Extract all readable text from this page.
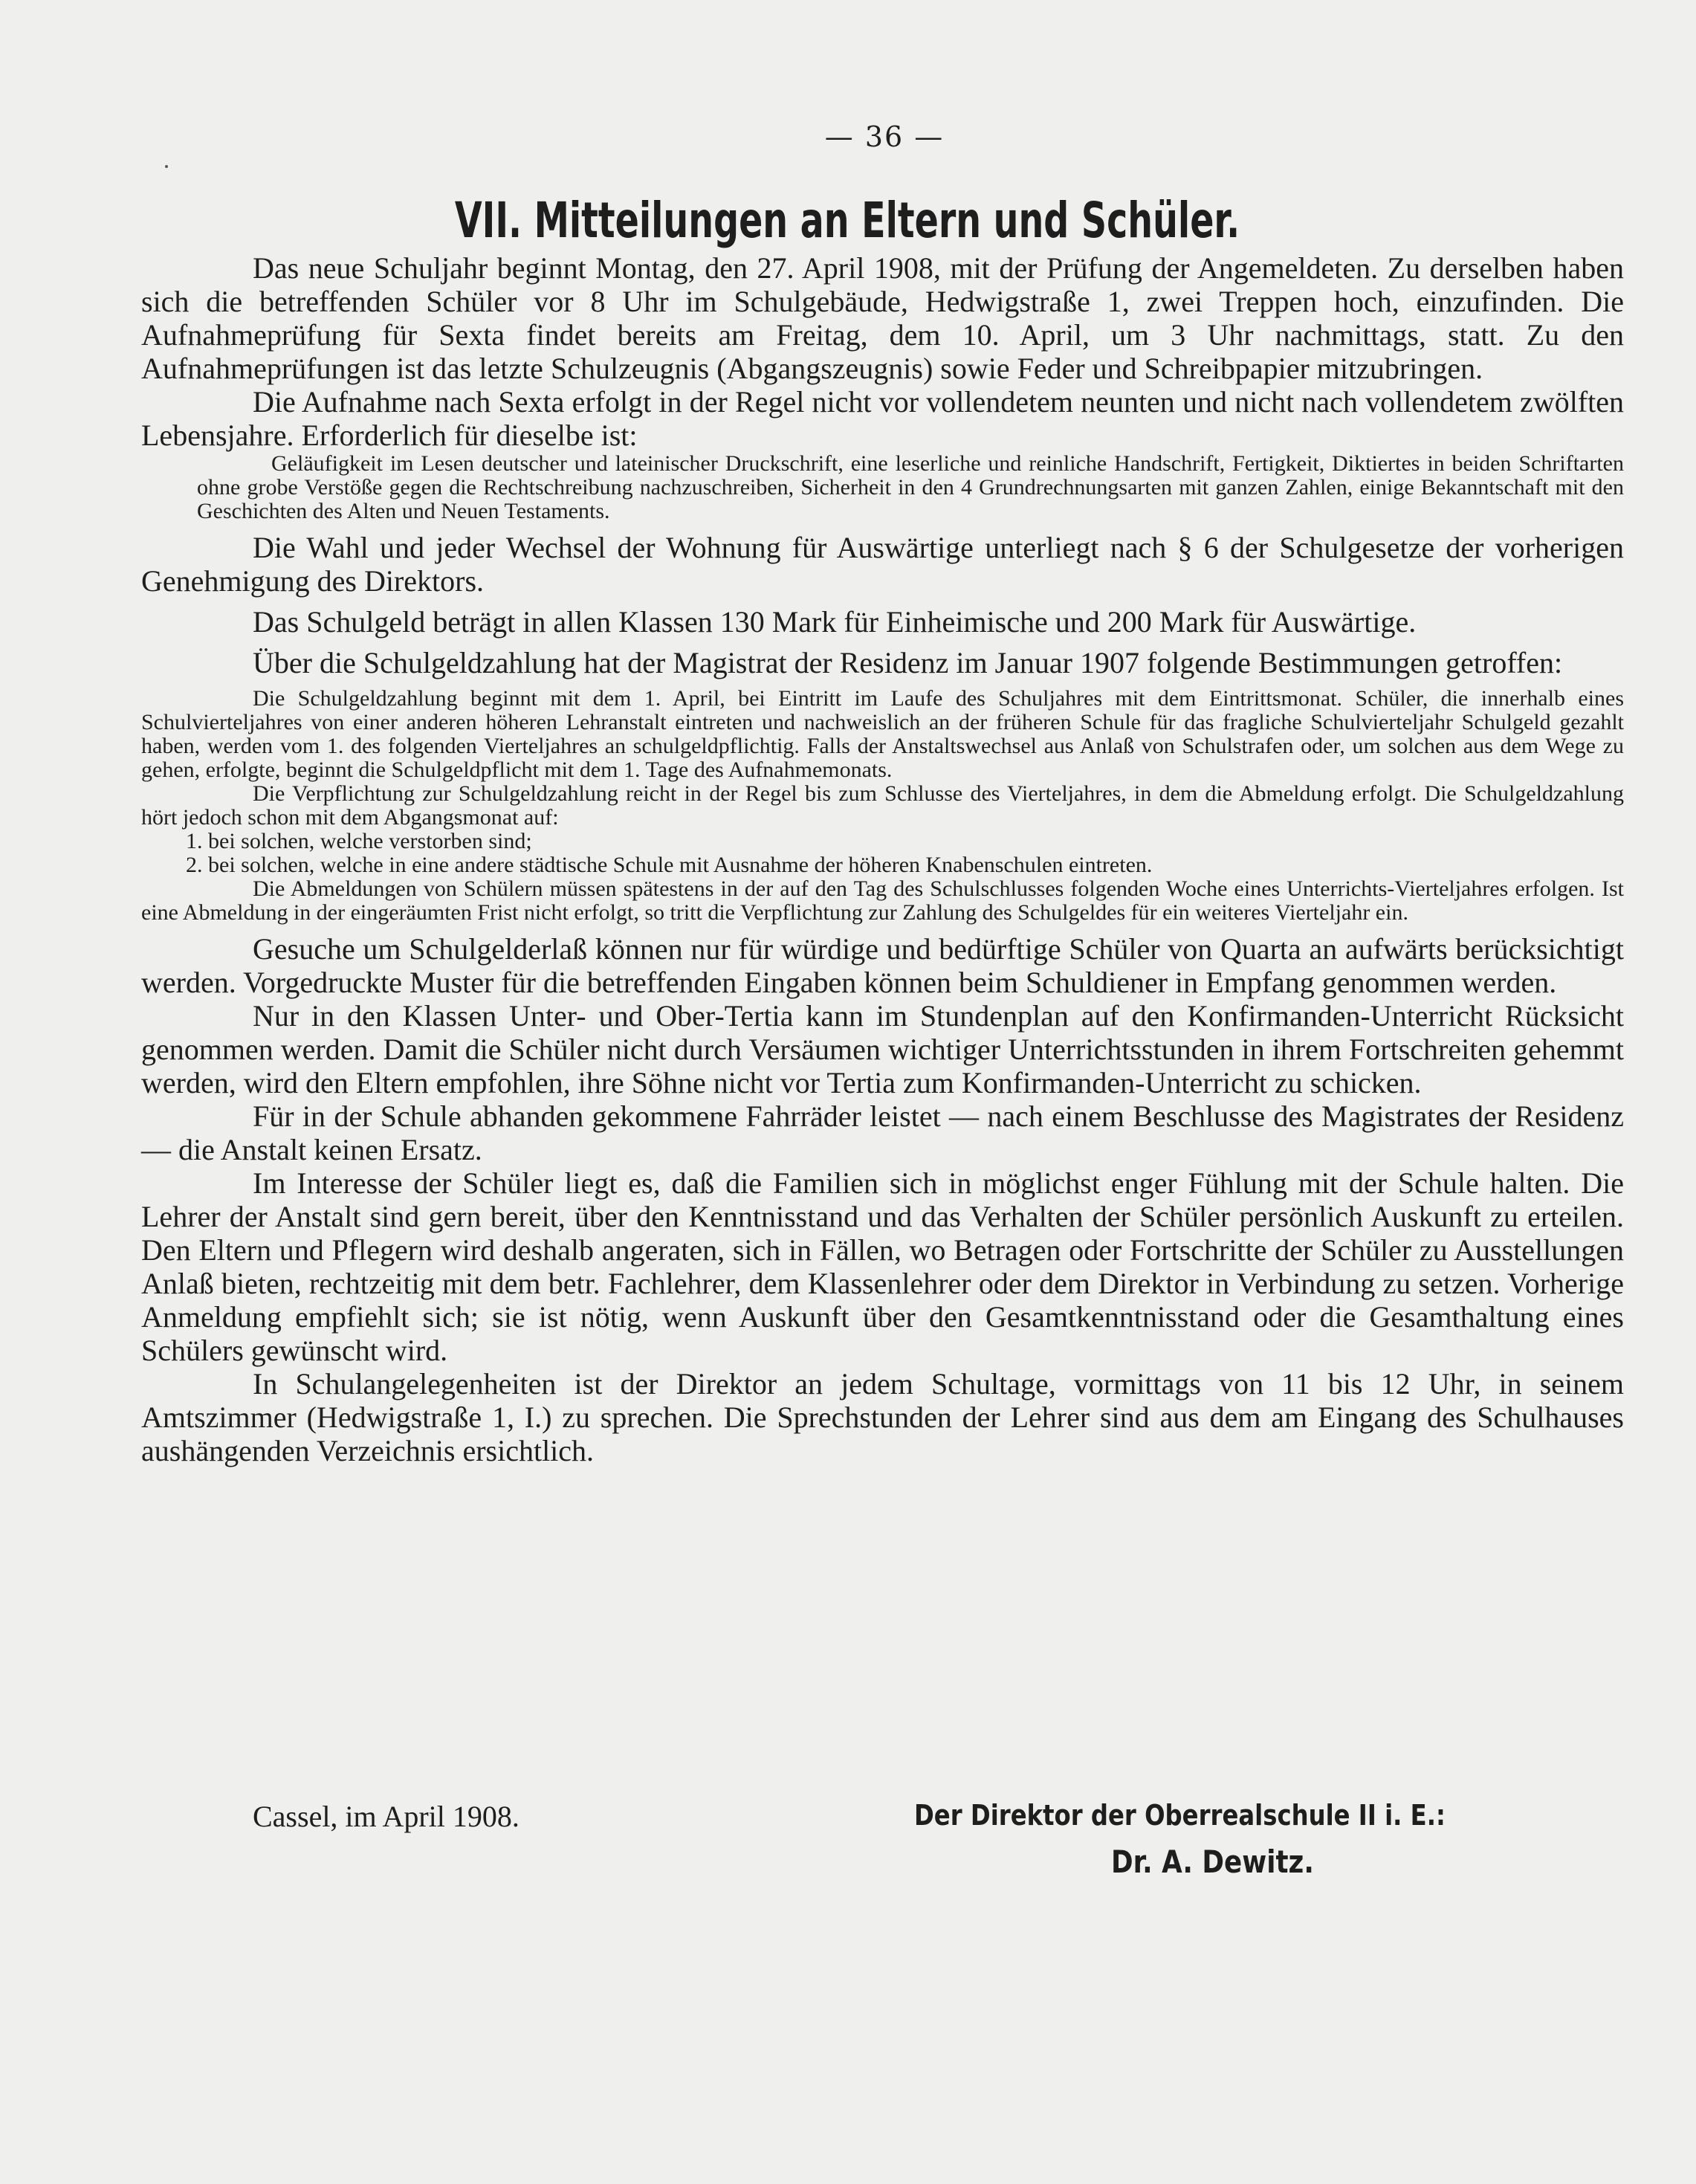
— 36 —
VII. Mitteilungen an Eltern und Schüler.

Das neue Schuljahr beginnt Montag, den 27. April 1908, mit der Prüfung der Angemeldeten. Zu derselben haben sich die betreffenden Schüler vor 8 Uhr im Schulgebäude, Hedwigstraße 1, zwei Treppen hoch, einzufinden. Die Aufnahmeprüfung für Sexta findet bereits am Freitag, dem 10. April, um 3 Uhr nachmittags, statt. Zu den Aufnahmeprüfungen ist das letzte Schulzeugnis (Abgangszeugnis) sowie Feder und Schreibpapier mitzubringen.

Die Aufnahme nach Sexta erfolgt in der Regel nicht vor vollendetem neunten und nicht nach vollendetem zwölften Lebensjahre. Erforderlich für dieselbe ist:

Geläufigkeit im Lesen deutscher und lateinischer Druckschrift, eine leserliche und reinliche Handschrift, Fertigkeit, Diktiertes in beiden Schriftarten ohne grobe Verstöße gegen die Rechtschreibung nachzuschreiben, Sicherheit in den 4 Grundrechnungsarten mit ganzen Zahlen, einige Bekanntschaft mit den Geschichten des Alten und Neuen Testaments.

Die Wahl und jeder Wechsel der Wohnung für Auswärtige unterliegt nach § 6 der Schulgesetze der vorherigen Genehmigung des Direktors.

Das Schulgeld beträgt in allen Klassen 130 Mark für Einheimische und 200 Mark für Auswärtige.

Über die Schulgeldzahlung hat der Magistrat der Residenz im Januar 1907 folgende Bestimmungen getroffen:

Die Schulgeldzahlung beginnt mit dem 1. April, bei Eintritt im Laufe des Schuljahres mit dem Eintrittsmonat. Schüler, die innerhalb eines Schulvierteljahres von einer anderen höheren Lehranstalt eintreten und nachweislich an der früheren Schule für das fragliche Schulvierteljahr Schulgeld gezahlt haben, werden vom 1. des folgenden Vierteljahres an schulgeldpflichtig. Falls der Anstaltswechsel aus Anlaß von Schulstrafen oder, um solchen aus dem Wege zu gehen, erfolgte, beginnt die Schulgeldpflicht mit dem 1. Tage des Aufnahmemonats.

Die Verpflichtung zur Schulgeldzahlung reicht in der Regel bis zum Schlusse des Vierteljahres, in dem die Abmeldung erfolgt. Die Schulgeldzahlung hört jedoch schon mit dem Abgangsmonat auf:

1. bei solchen, welche verstorben sind;

2. bei solchen, welche in eine andere städtische Schule mit Ausnahme der höheren Knabenschulen eintreten.

Die Abmeldungen von Schülern müssen spätestens in der auf den Tag des Schulschlusses folgenden Woche eines Unterrichts-Vierteljahres erfolgen. Ist eine Abmeldung in der eingeräumten Frist nicht erfolgt, so tritt die Verpflichtung zur Zahlung des Schulgeldes für ein weiteres Vierteljahr ein.

Gesuche um Schulgelderlaß können nur für würdige und bedürftige Schüler von Quarta an aufwärts berücksichtigt werden. Vorgedruckte Muster für die betreffenden Eingaben können beim Schuldiener in Empfang genommen werden.

Nur in den Klassen Unter- und Ober-Tertia kann im Stundenplan auf den Konfirmanden-Unterricht Rücksicht genommen werden. Damit die Schüler nicht durch Versäumen wichtiger Unterrichtsstunden in ihrem Fortschreiten gehemmt werden, wird den Eltern empfohlen, ihre Söhne nicht vor Tertia zum Konfirmanden-Unterricht zu schicken.

Für in der Schule abhanden gekommene Fahrräder leistet — nach einem Beschlusse des Magistrates der Residenz — die Anstalt keinen Ersatz.

Im Interesse der Schüler liegt es, daß die Familien sich in möglichst enger Fühlung mit der Schule halten. Die Lehrer der Anstalt sind gern bereit, über den Kenntnisstand und das Verhalten der Schüler persönlich Auskunft zu erteilen. Den Eltern und Pflegern wird deshalb angeraten, sich in Fällen, wo Betragen oder Fortschritte der Schüler zu Ausstellungen Anlaß bieten, rechtzeitig mit dem betr. Fachlehrer, dem Klassenlehrer oder dem Direktor in Verbindung zu setzen. Vorherige Anmeldung empfiehlt sich; sie ist nötig, wenn Auskunft über den Gesamtkenntnisstand oder die Gesamthaltung eines Schülers gewünscht wird.

In Schulangelegenheiten ist der Direktor an jedem Schultage, vormittags von 11 bis 12 Uhr, in seinem Amtszimmer (Hedwigstraße 1, I.) zu sprechen. Die Sprechstunden der Lehrer sind aus dem am Eingang des Schulhauses aushängenden Verzeichnis ersichtlich.

Cassel, im April 1908.	Der Direktor der Oberrealschule II i. E.:
Dr. A. Dewitz.
